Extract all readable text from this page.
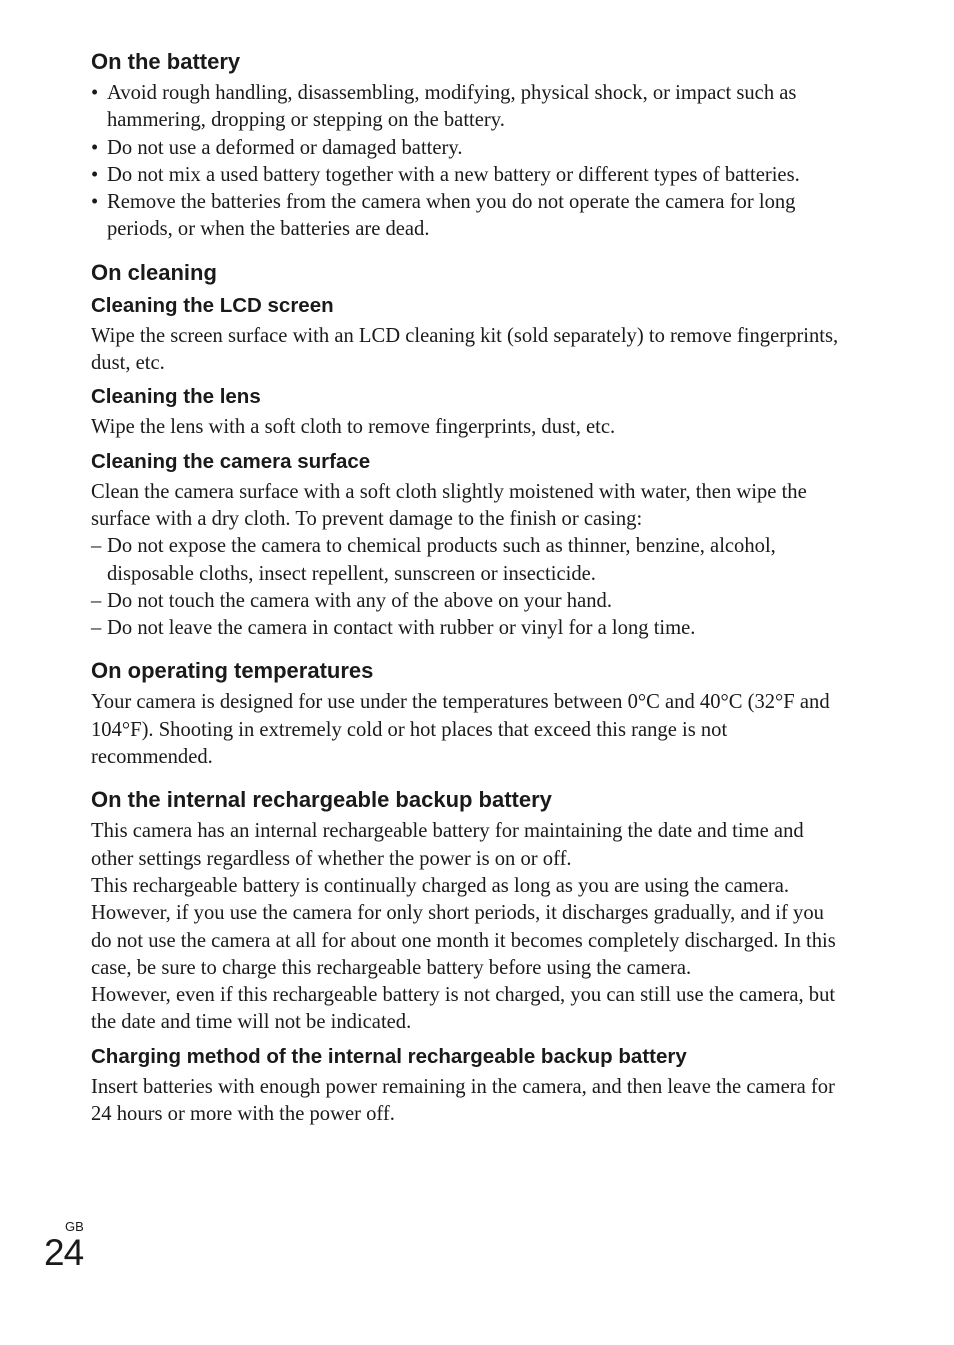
On the battery
• Avoid rough handling, disassembling, modifying, physical shock, or impact such as hammering, dropping or stepping on the battery.
• Do not use a deformed or damaged battery.
• Do not mix a used battery together with a new battery or different types of batteries.
• Remove the batteries from the camera when you do not operate the camera for long periods, or when the batteries are dead.
On cleaning
Cleaning the LCD screen

Wipe the screen surface with an LCD cleaning kit (sold separately) to remove fingerprints, dust, etc.

Cleaning the lens

Wipe the lens with a soft cloth to remove fingerprints, dust, etc.

Cleaning the camera surface

Clean the camera surface with a soft cloth slightly moistened with water, then wipe the surface with a dry cloth. To prevent damage to the finish or casing:

– Do not expose the camera to chemical products such as thinner, benzine, alcohol, disposable cloths, insect repellent, sunscreen or insecticide.
– Do not touch the camera with any of the above on your hand.
– Do not leave the camera in contact with rubber or vinyl for a long time.
On operating temperatures

Your camera is designed for use under the temperatures between 0°C and 40°C (32°F and 104°F). Shooting in extremely cold or hot places that exceed this range is not recommended.

On the internal rechargeable backup battery

This camera has an internal rechargeable battery for maintaining the date and time and other settings regardless of whether the power is on or off.

This rechargeable battery is continually charged as long as you are using the camera. However, if you use the camera for only short periods, it discharges gradually, and if you do not use the camera at all for about one month it becomes completely discharged. In this case, be sure to charge this rechargeable battery before using the camera.

However, even if this rechargeable battery is not charged, you can still use the camera, but the date and time will not be indicated.

Charging method of the internal rechargeable backup battery

Insert batteries with enough power remaining in the camera, and then leave the camera for 24 hours or more with the power off.

GB
24
